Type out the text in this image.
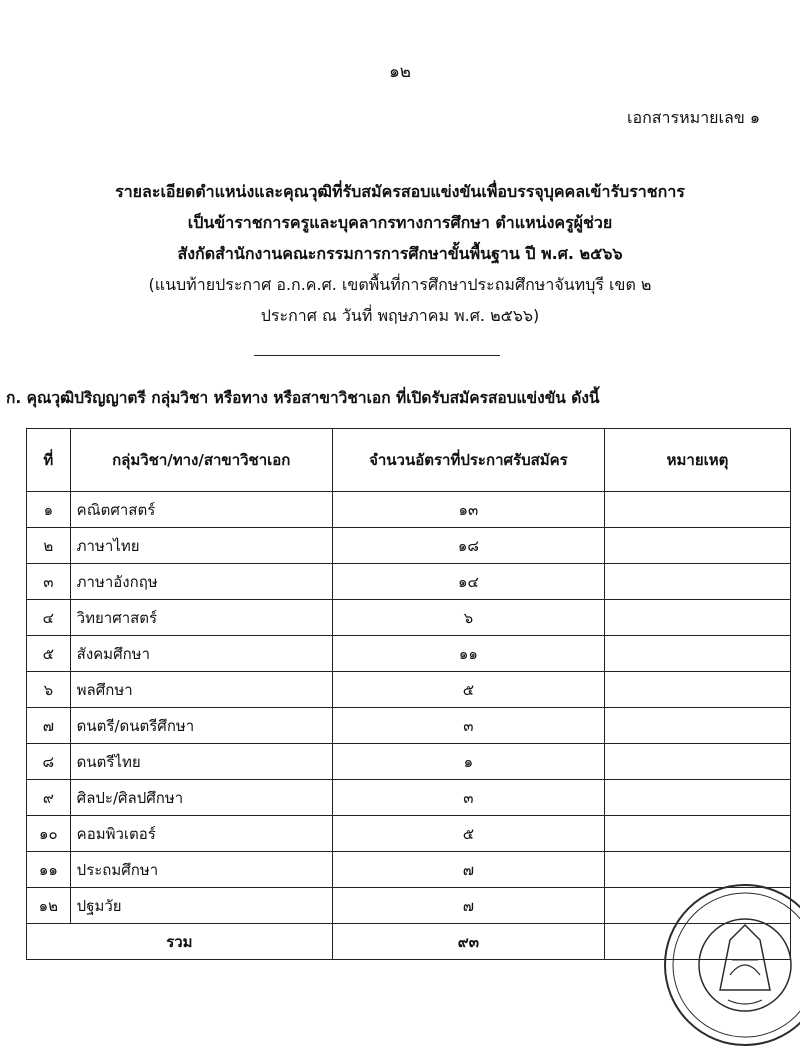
๑๒
เอกสารหมายเลข ๑
รายละเอียดตำแหน่งและคุณวุฒิที่รับสมัครสอบแข่งขันเพื่อบรรจุบุคคลเข้ารับราชการ
เป็นข้าราชการครูและบุคลากรทางการศึกษา ตำแหน่งครูผู้ช่วย
สังกัดสำนักงานคณะกรรมการการศึกษาขั้นพื้นฐาน ปี พ.ศ. ๒๕๖๖
(แนบท้ายประกาศ อ.ก.ค.ศ. เขตพื้นที่การศึกษาประถมศึกษาจันทบุรี เขต ๒
ประกาศ ณ วันที่ พฤษภาคม พ.ศ. ๒๕๖๖)
ก. คุณวุฒิปริญญาตรี กลุ่มวิชา หรือทาง หรือสาขาวิชาเอก ที่เปิดรับสมัครสอบแข่งขัน ดังนี้
ที่	กลุ่มวิชา/ทาง/สาขาวิชาเอก	จำนวนอัตราที่ประกาศรับสมัคร	หมายเหตุ
๑	คณิตศาสตร์	๑๓	
๒	ภาษาไทย	๑๘	
๓	ภาษาอังกฤษ	๑๔	
๔	วิทยาศาสตร์	๖	
๕	สังคมศึกษา	๑๑	
๖	พลศึกษา	๕	
๗	ดนตรี/ดนตรีศึกษา	๓	
๘	ดนตรีไทย	๑	
๙	ศิลปะ/ศิลปศึกษา	๓	
๑๐	คอมพิวเตอร์	๕	
๑๑	ประถมศึกษา	๗	
๑๒	ปฐมวัย	๗	
รวม		๙๓	
